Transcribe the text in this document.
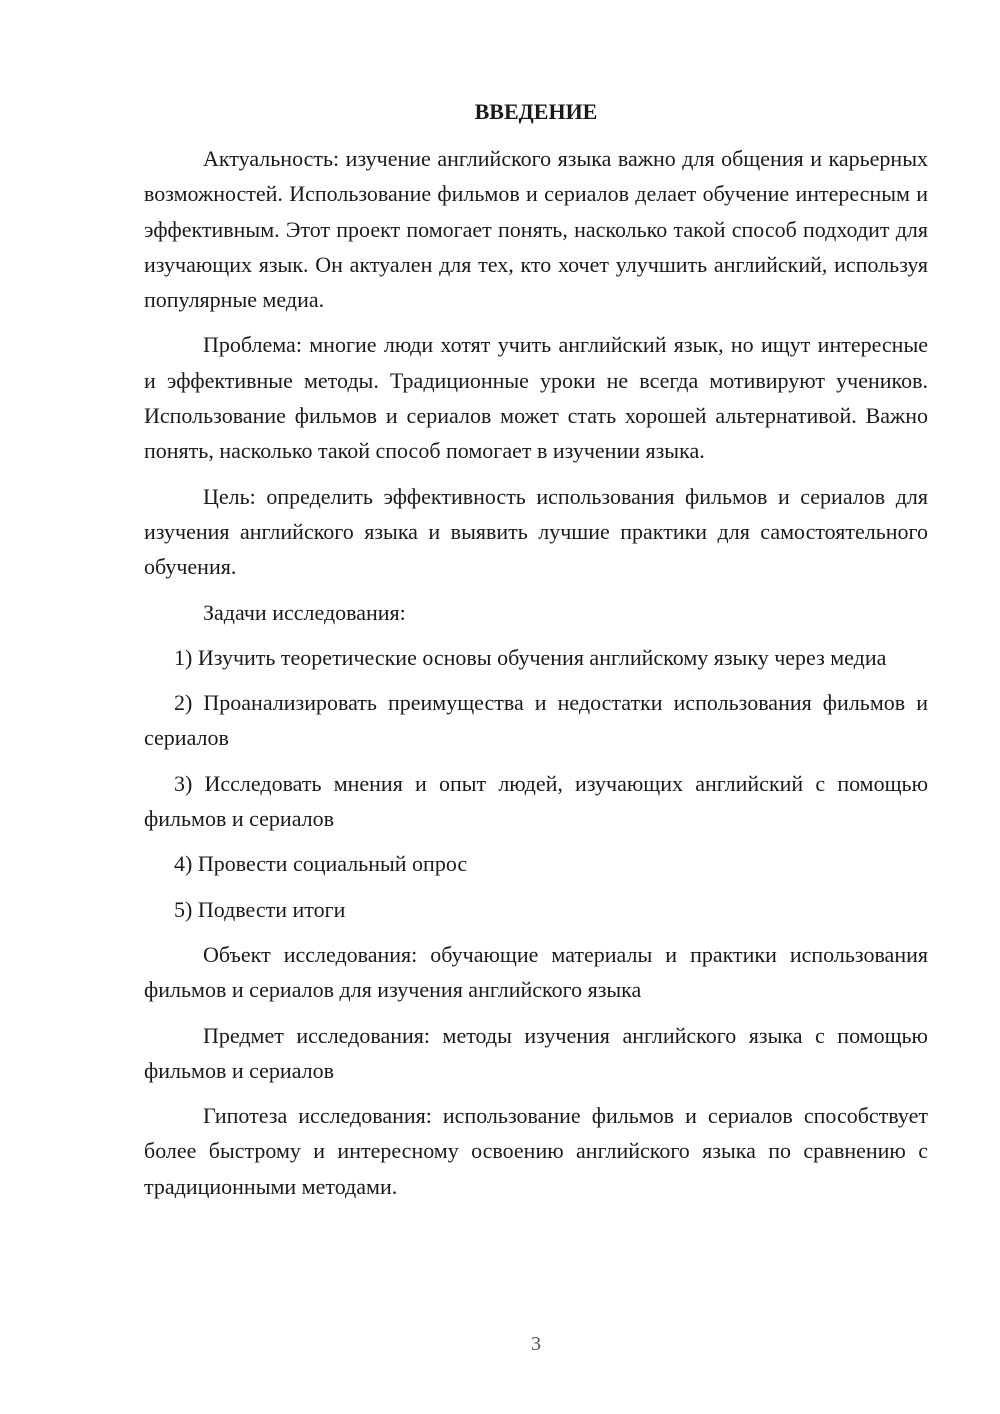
ВВЕДЕНИЕ

Актуальность: изучение английского языка важно для общения и карьерных возможностей. Использование фильмов и сериалов делает обучение интересным и эффективным. Этот проект помогает понять, насколько такой способ подходит для изучающих язык. Он актуален для тех, кто хочет улучшить английский, используя популярные медиа.

Проблема: многие люди хотят учить английский язык, но ищут интересные и эффективные методы. Традиционные уроки не всегда мотивируют учеников. Использование фильмов и сериалов может стать хорошей альтернативой. Важно понять, насколько такой способ помогает в изучении языка.

Цель: определить эффективность использования фильмов и сериалов для изучения английского языка и выявить лучшие практики для самостоятельного обучения.

Задачи исследования:

1) Изучить теоретические основы обучения английскому языку через медиа

2) Проанализировать преимущества и недостатки использования фильмов и сериалов

3) Исследовать мнения и опыт людей, изучающих английский с помощью фильмов и сериалов

4) Провести социальный опрос

5) Подвести итоги

Объект исследования: обучающие материалы и практики использования фильмов и сериалов для изучения английского языка

Предмет исследования: методы изучения английского языка с помощью фильмов и сериалов

Гипотеза исследования: использование фильмов и сериалов способствует более быстрому и интересному освоению английского языка по сравнению с традиционными методами.

3
